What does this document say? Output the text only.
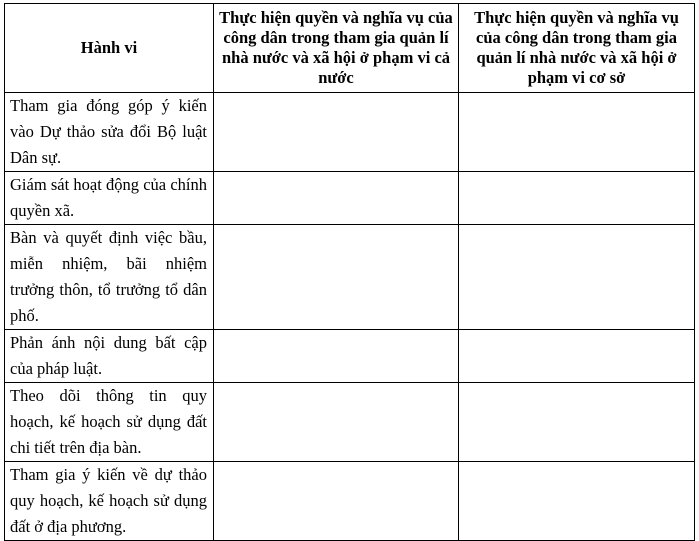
Hành vi	Thực hiện quyền và nghĩa vụ của công dân trong tham gia quản lí nhà nước và xã hội ở phạm vi cả nước	Thực hiện quyền và nghĩa vụ của công dân trong tham gia quản lí nhà nước và xã hội ở phạm vi cơ sở
Tham gia đóng góp ý kiến vào Dự thảo sửa đổi Bộ luật Dân sự.		
Giám sát hoạt động của chính quyền xã.		
Bàn và quyết định việc bầu, miễn nhiệm, bãi nhiệm trưởng thôn, tổ trưởng tổ dân phố.		
Phản ánh nội dung bất cập của pháp luật.		
Theo dõi thông tin quy hoạch, kế hoạch sử dụng đất chi tiết trên địa bàn.		
Tham gia ý kiến về dự thảo quy hoạch, kế hoạch sử dụng đất ở địa phương.		
